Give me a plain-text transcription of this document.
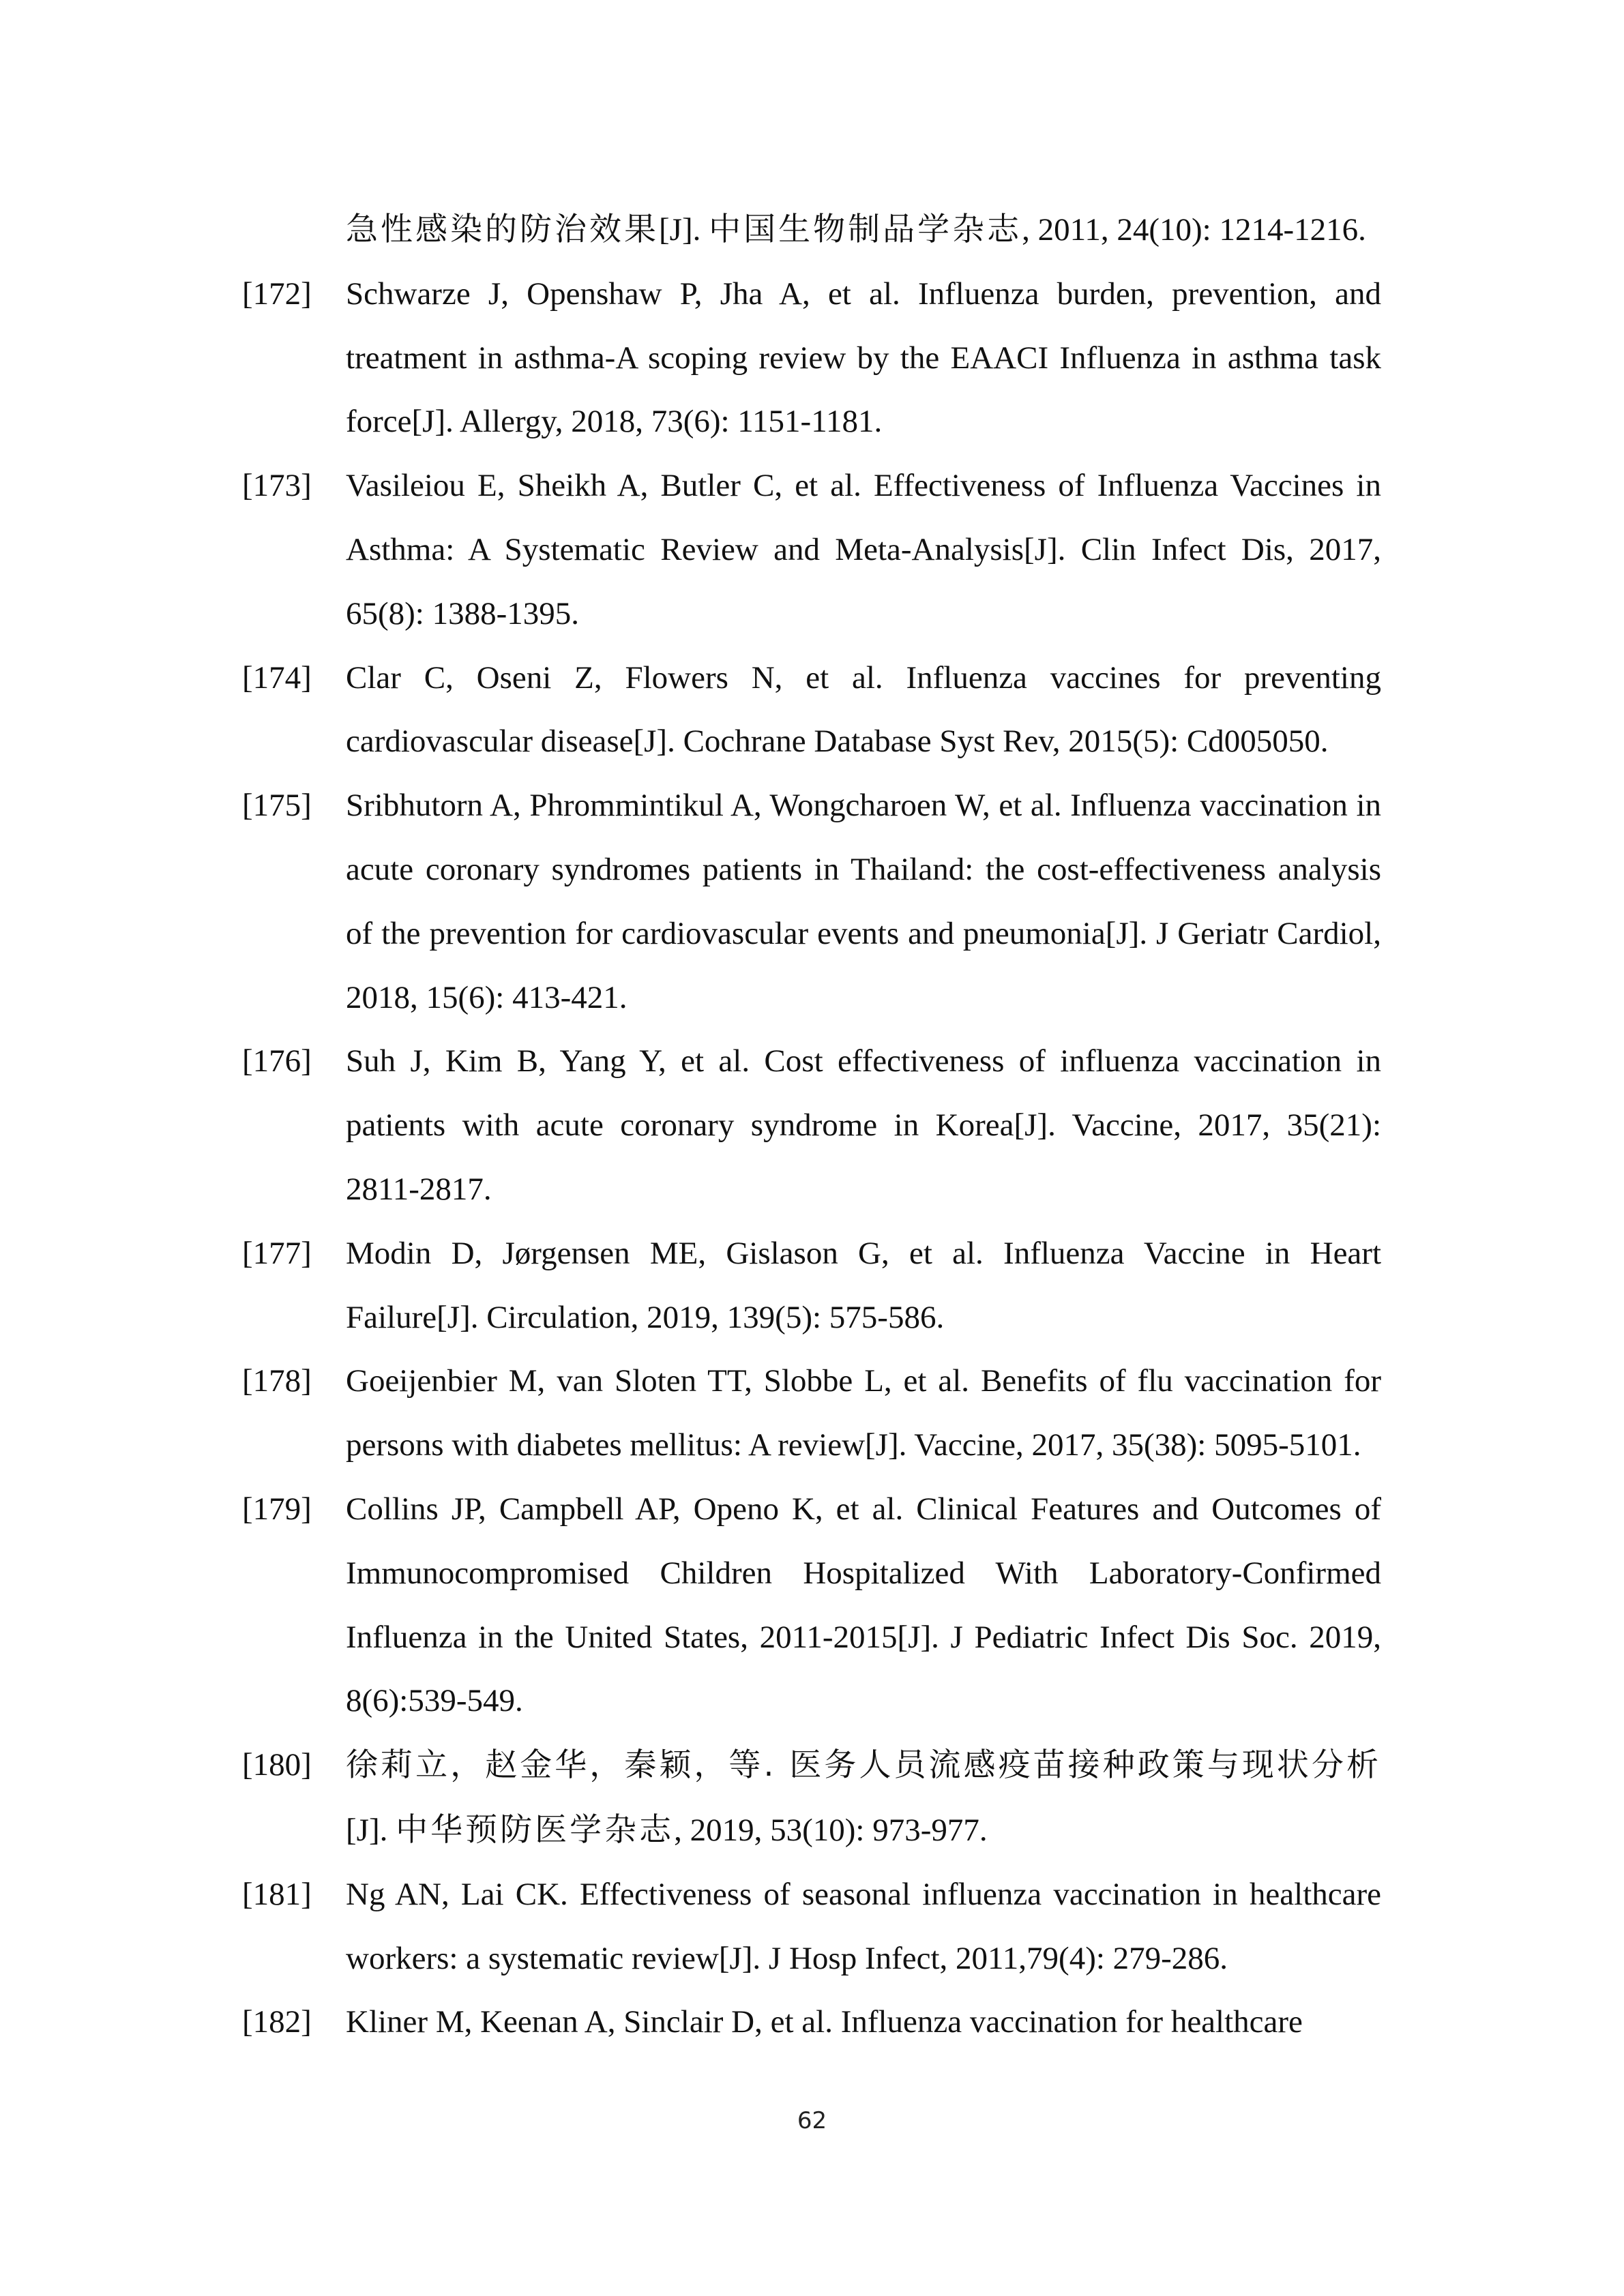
急性感染的防治效果[J]. 中国生物制品学杂志, 2011, 24(10): 1214-1216.
[172]	Schwarze J, Openshaw P, Jha A, et al. Influenza burden, prevention, and treatment in asthma-A scoping review by the EAACI Influenza in asthma task force[J]. Allergy, 2018, 73(6): 1151-1181.
[173]	Vasileiou E, Sheikh A, Butler C, et al. Effectiveness of Influenza Vaccines in Asthma: A Systematic Review and Meta-Analysis[J]. Clin Infect Dis, 2017, 65(8): 1388-1395.
[174]	Clar C, Oseni Z, Flowers N, et al. Influenza vaccines for preventing cardiovascular disease[J]. Cochrane Database Syst Rev, 2015(5): Cd005050.
[175]	Sribhutorn A, Phrommintikul A, Wongcharoen W, et al. Influenza vaccination in acute coronary syndromes patients in Thailand: the cost-effectiveness analysis of the prevention for cardiovascular events and pneumonia[J]. J Geriatr Cardiol, 2018, 15(6): 413-421.
[176]	Suh J, Kim B, Yang Y, et al. Cost effectiveness of influenza vaccination in patients with acute coronary syndrome in Korea[J]. Vaccine, 2017, 35(21): 2811-2817.
[177]	Modin D, Jørgensen ME, Gislason G, et al. Influenza Vaccine in Heart Failure[J]. Circulation, 2019, 139(5): 575-586.
[178]	Goeijenbier M, van Sloten TT, Slobbe L, et al. Benefits of flu vaccination for persons with diabetes mellitus: A review[J]. Vaccine, 2017, 35(38): 5095-5101.
[179]	Collins JP, Campbell AP, Openo K, et al. Clinical Features and Outcomes of Immunocompromised Children Hospitalized With Laboratory-Confirmed Influenza in the United States, 2011-2015[J]. J Pediatric Infect Dis Soc. 2019, 8(6):539-549.
[180]	徐莉立，赵金华，秦颖，等. 医务人员流感疫苗接种政策与现状分析[J]. 中华预防医学杂志, 2019, 53(10): 973-977.
[181]	Ng AN, Lai CK. Effectiveness of seasonal influenza vaccination in healthcare workers: a systematic review[J]. J Hosp Infect, 2011,79(4): 279-286.
[182]	Kliner M, Keenan A, Sinclair D, et al. Influenza vaccination for healthcare
62
